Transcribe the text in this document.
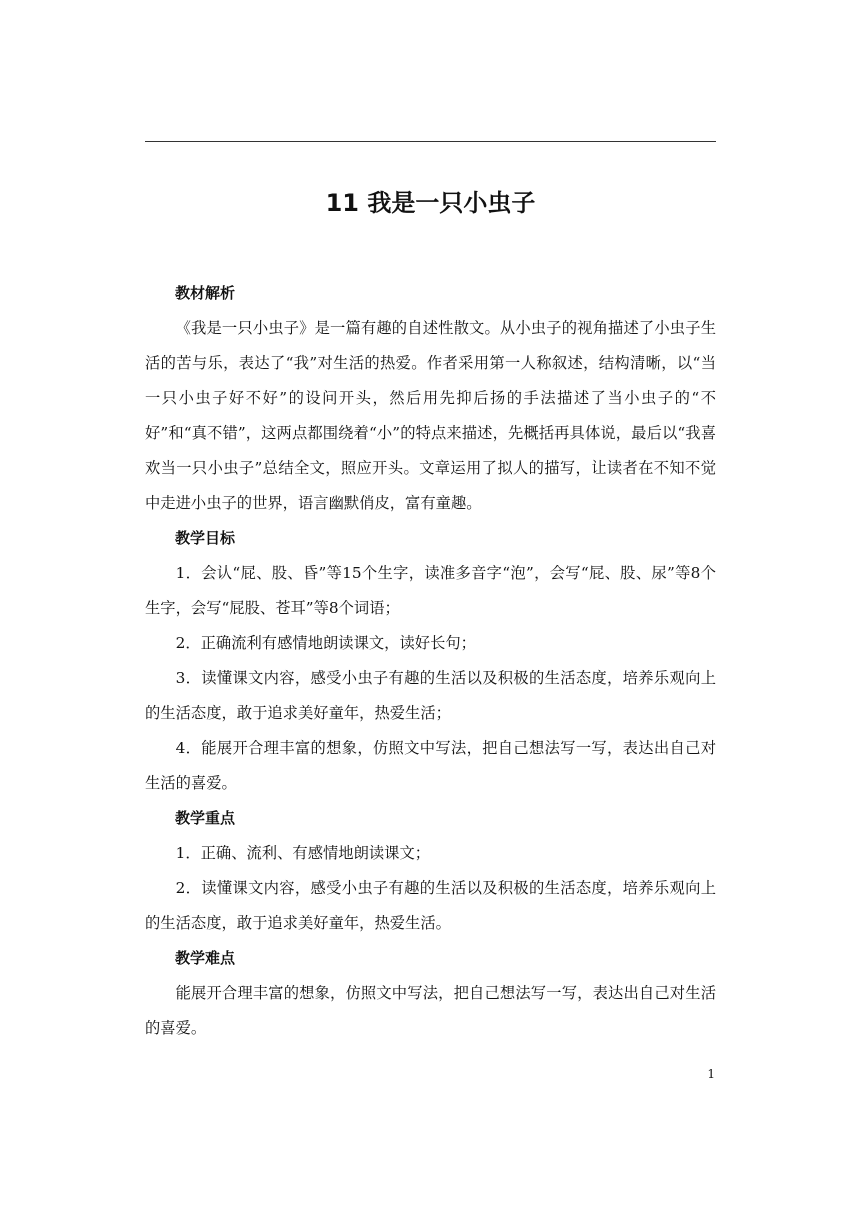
11 我是一只小虫子
教材解析

《我是一只小虫子》是一篇有趣的自述性散文。从小虫子的视角描述了小虫子生活的苦与乐，表达了“我”对生活的热爱。作者采用第一人称叙述，结构清晰，以“当一只小虫子好不好”的设问开头，然后用先抑后扬的手法描述了当小虫子的“不好”和“真不错”，这两点都围绕着“小”的特点来描述，先概括再具体说，最后以“我喜欢当一只小虫子”总结全文，照应开头。文章运用了拟人的描写，让读者在不知不觉中走进小虫子的世界，语言幽默俏皮，富有童趣。

教学目标

1．会认“屁、股、昏”等15个生字，读准多音字“泡”，会写“屁、股、尿”等8个生字，会写“屁股、苍耳”等8个词语；

2．正确流利有感情地朗读课文，读好长句；

3．读懂课文内容，感受小虫子有趣的生活以及积极的生活态度，培养乐观向上的生活态度，敢于追求美好童年，热爱生活；

4．能展开合理丰富的想象，仿照文中写法，把自己想法写一写，表达出自己对生活的喜爱。

教学重点

1．正确、流利、有感情地朗读课文；

2．读懂课文内容，感受小虫子有趣的生活以及积极的生活态度，培养乐观向上的生活态度，敢于追求美好童年，热爱生活。

教学难点

能展开合理丰富的想象，仿照文中写法，把自己想法写一写，表达出自己对生活的喜爱。

1
